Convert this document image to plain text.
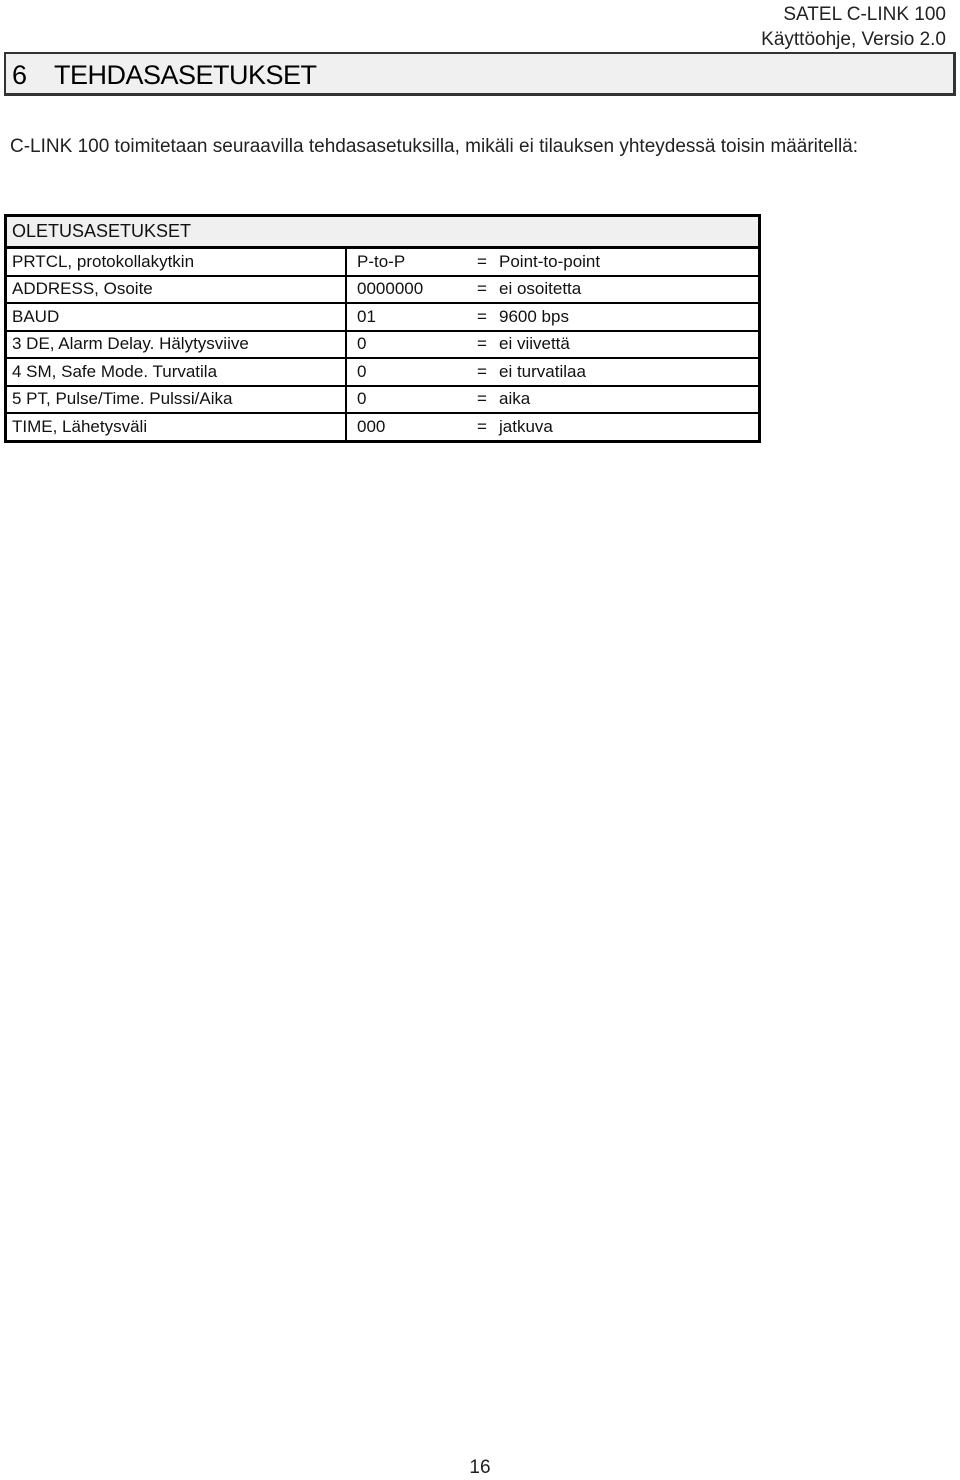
SATEL C-LINK 100
Käyttöohje, Versio 2.0
6 TEHDASASETUKSET
C-LINK 100 toimitetaan seuraavilla tehdasasetuksilla, mikäli ei tilauksen yhteydessä toisin määritellä:
OLETUSASETUKSET
PRTCL, protokollakytkin	P-to-P	= Point-to-point
ADDRESS, Osoite	0000000	= ei osoitetta
BAUD	01	= 9600 bps
3 DE, Alarm Delay. Hälytysviive	0	= ei viivettä
4 SM, Safe Mode. Turvatila	0	= ei turvatilaa
5 PT, Pulse/Time. Pulssi/Aika	0	= aika
TIME, Lähetysväli	000	= jatkuva
16
